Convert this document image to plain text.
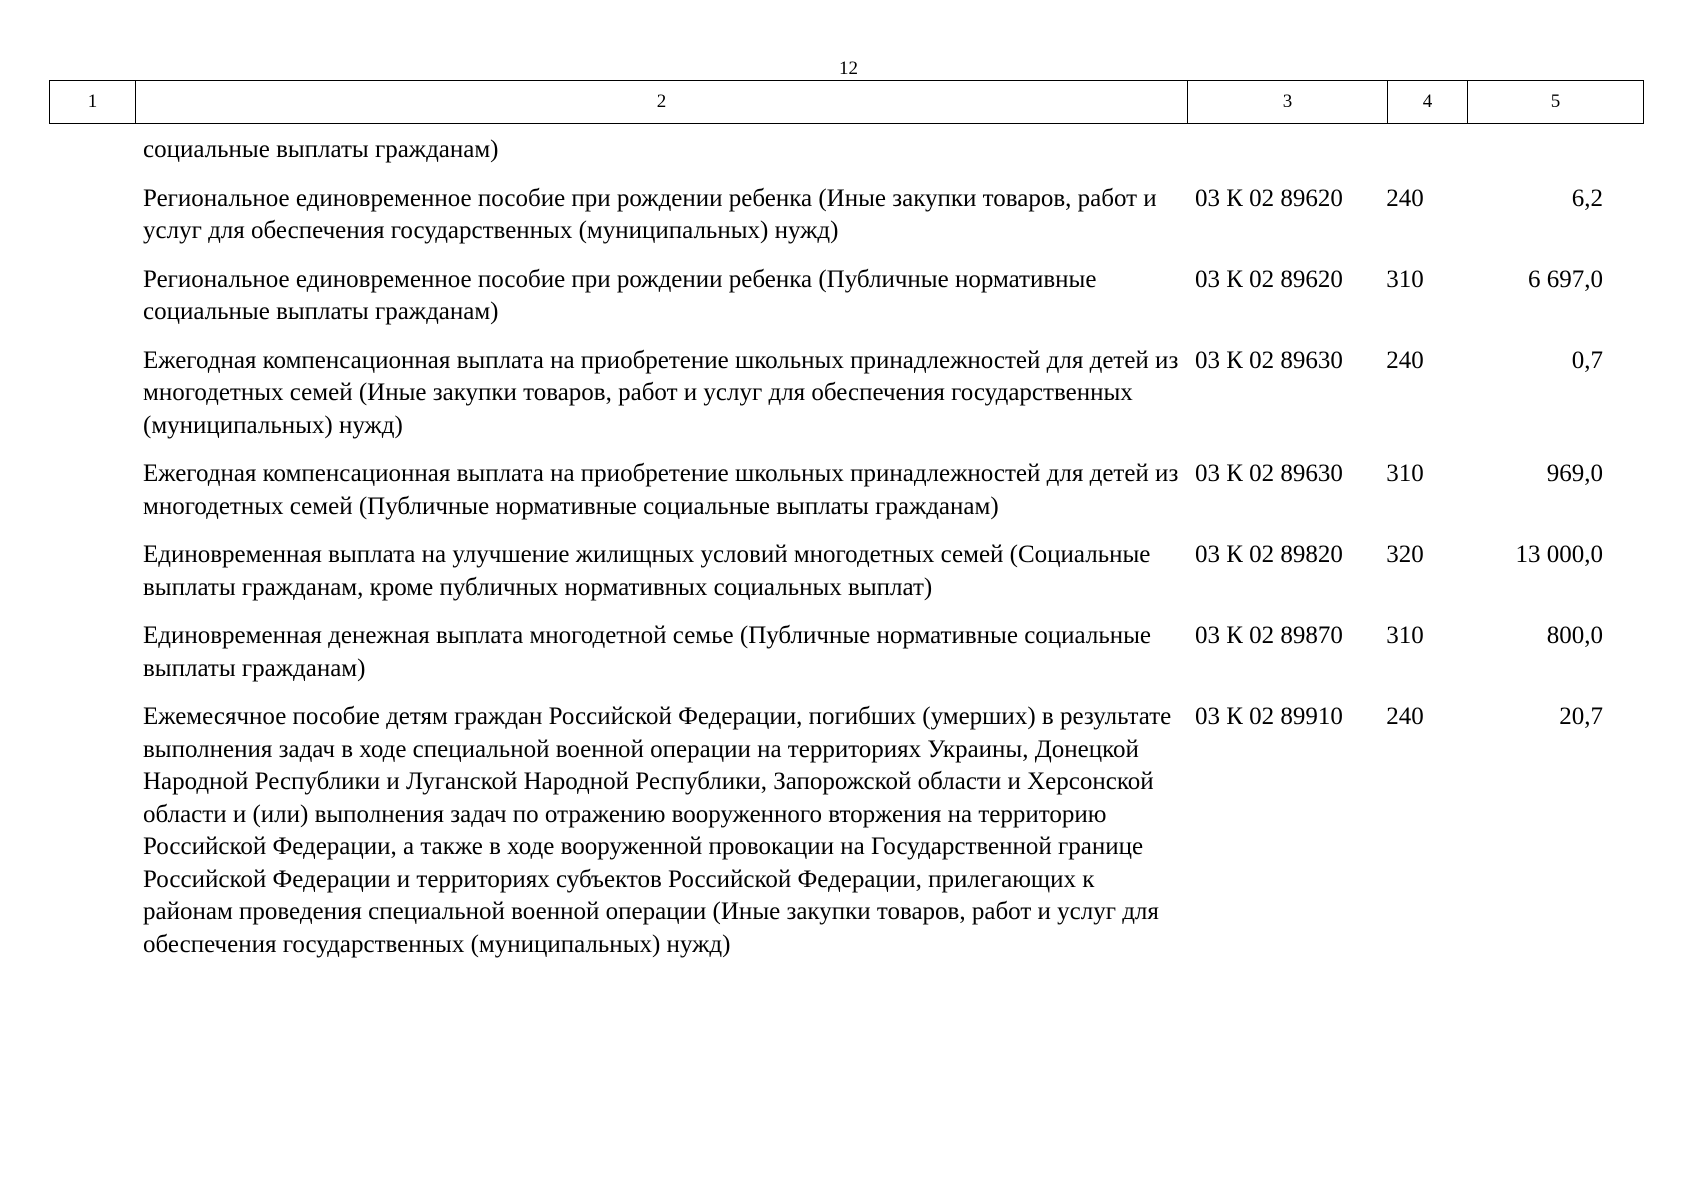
12
1	2	3	4	5
социальные выплаты гражданам)
Региональное единовременное пособие при рождении ребенка (Иные закупки товаров, работ и услуг для обеспечения государственных (муниципальных) нужд)
03 К 02 89620	240	6,2
Региональное единовременное пособие при рождении ребенка (Публичные нормативные социальные выплаты гражданам)
03 К 02 89620	310	6 697,0
Ежегодная компенсационная выплата на приобретение школьных принадлежностей для детей из многодетных семей (Иные закупки товаров, работ и услуг для обеспечения государственных (муниципальных) нужд)
03 К 02 89630	240	0,7
Ежегодная компенсационная выплата на приобретение школьных принадлежностей для детей из многодетных семей (Публичные нормативные социальные выплаты гражданам)
03 К 02 89630	310	969,0
Единовременная выплата на улучшение жилищных условий многодетных семей (Социальные выплаты гражданам, кроме публичных нормативных социальных выплат)
03 К 02 89820	320	13 000,0
Единовременная денежная выплата многодетной семье (Публичные нормативные социальные выплаты гражданам)
03 К 02 89870	310	800,0
Ежемесячное пособие детям граждан Российской Федерации, погибших (умерших) в результате выполнения задач в ходе специальной военной операции на территориях Украины, Донецкой Народной Республики и Луганской Народной Республики, Запорожской области и Херсонской области и (или) выполнения задач по отражению вооруженного вторжения на территорию Российской Федерации, а также в ходе вооруженной провокации на Государственной границе Российской Федерации и территориях субъектов Российской Федерации, прилегающих к районам проведения специальной военной операции (Иные закупки товаров, работ и услуг для обеспечения государственных (муниципальных) нужд)
03 К 02 89910	240	20,7
